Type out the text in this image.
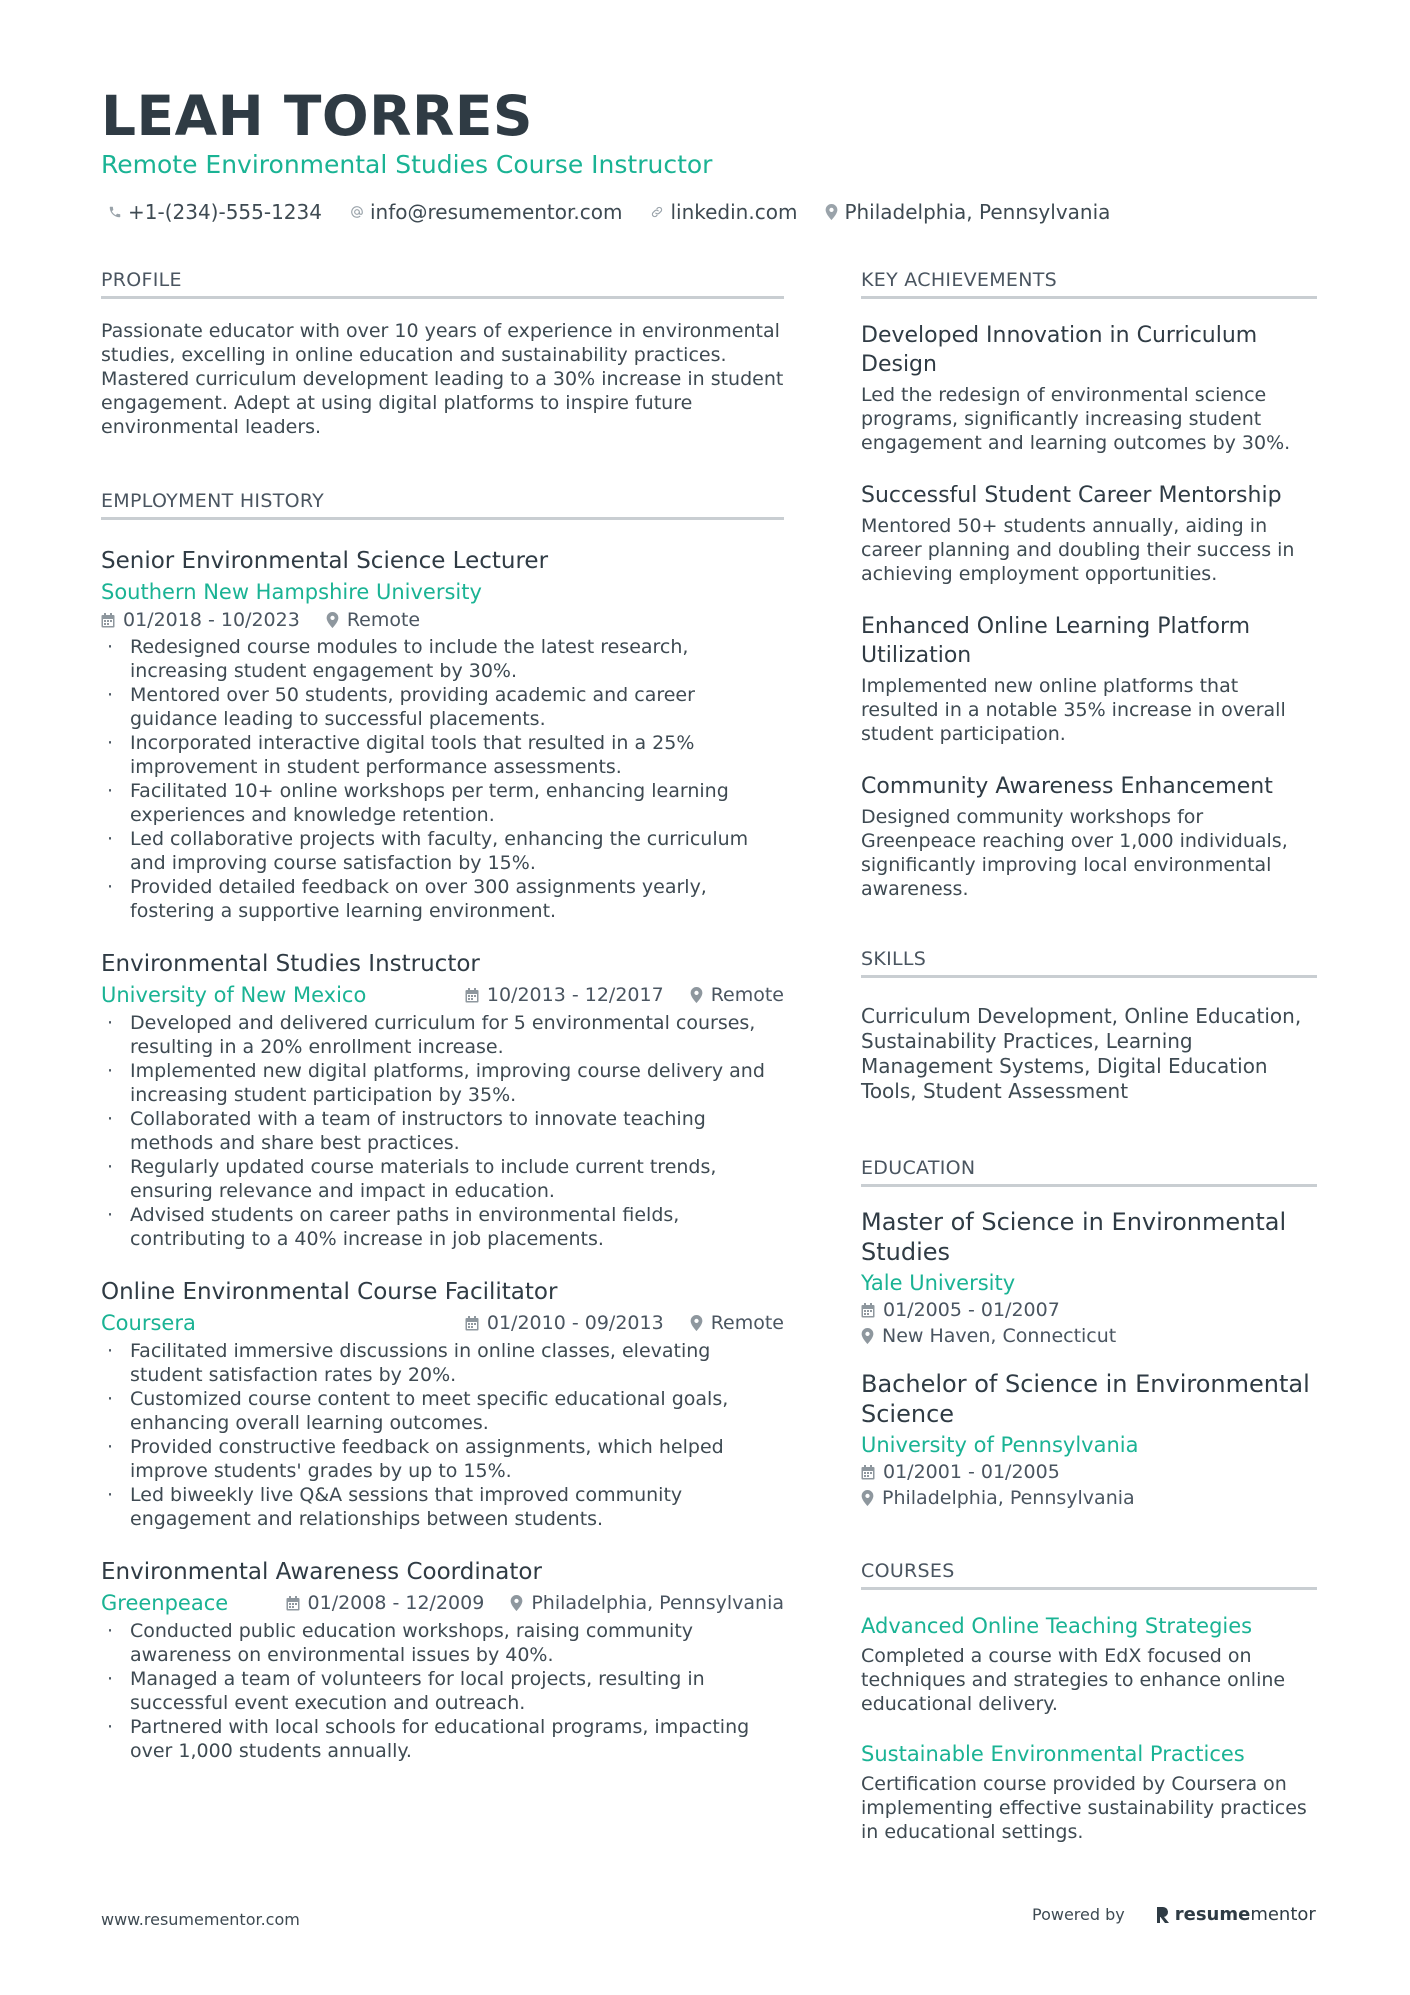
LEAH TORRES
Remote Environmental Studies Course Instructor
+1-(234)-555-1234 info@resumementor.com linkedin.com Philadelphia, Pennsylvania
PROFILE
Passionate educator with over 10 years of experience in environmental studies, excelling in online education and sustainability practices. Mastered curriculum development leading to a 30% increase in student engagement. Adept at using digital platforms to inspire future environmental leaders.
EMPLOYMENT HISTORY
Senior Environmental Science Lecturer
Southern New Hampshire University
01/2018 - 10/2023 Remote
· Redesigned course modules to include the latest research, increasing student engagement by 30%.
· Mentored over 50 students, providing academic and career guidance leading to successful placements.
· Incorporated interactive digital tools that resulted in a 25% improvement in student performance assessments.
· Facilitated 10+ online workshops per term, enhancing learning experiences and knowledge retention.
· Led collaborative projects with faculty, enhancing the curriculum and improving course satisfaction by 15%.
· Provided detailed feedback on over 300 assignments yearly, fostering a supportive learning environment.
Environmental Studies Instructor
University of New Mexico	10/2013 - 12/2017 Remote
· Developed and delivered curriculum for 5 environmental courses, resulting in a 20% enrollment increase.
· Implemented new digital platforms, improving course delivery and increasing student participation by 35%.
· Collaborated with a team of instructors to innovate teaching methods and share best practices.
· Regularly updated course materials to include current trends, ensuring relevance and impact in education.
· Advised students on career paths in environmental fields, contributing to a 40% increase in job placements.
Online Environmental Course Facilitator
Coursera	01/2010 - 09/2013 Remote
· Facilitated immersive discussions in online classes, elevating student satisfaction rates by 20%.
· Customized course content to meet specific educational goals, enhancing overall learning outcomes.
· Provided constructive feedback on assignments, which helped improve students' grades by up to 15%.
· Led biweekly live Q&A sessions that improved community engagement and relationships between students.
Environmental Awareness Coordinator
Greenpeace	01/2008 - 12/2009 Philadelphia, Pennsylvania
· Conducted public education workshops, raising community awareness on environmental issues by 40%.
· Managed a team of volunteers for local projects, resulting in successful event execution and outreach.
· Partnered with local schools for educational programs, impacting over 1,000 students annually.
KEY ACHIEVEMENTS
Developed Innovation in Curriculum Design
Led the redesign of environmental science programs, significantly increasing student engagement and learning outcomes by 30%.
Successful Student Career Mentorship
Mentored 50+ students annually, aiding in career planning and doubling their success in achieving employment opportunities.
Enhanced Online Learning Platform Utilization
Implemented new online platforms that resulted in a notable 35% increase in overall student participation.
Community Awareness Enhancement
Designed community workshops for Greenpeace reaching over 1,000 individuals, significantly improving local environmental awareness.
SKILLS
Curriculum Development, Online Education, Sustainability Practices, Learning Management Systems, Digital Education Tools, Student Assessment
EDUCATION
Master of Science in Environmental Studies
Yale University
01/2005 - 01/2007
New Haven, Connecticut
Bachelor of Science in Environmental Science
University of Pennsylvania
01/2001 - 01/2005
Philadelphia, Pennsylvania
COURSES
Advanced Online Teaching Strategies
Completed a course with EdX focused on techniques and strategies to enhance online educational delivery.
Sustainable Environmental Practices
Certification course provided by Coursera on implementing effective sustainability practices in educational settings.
www.resumementor.com	Powered by	resume mentor
